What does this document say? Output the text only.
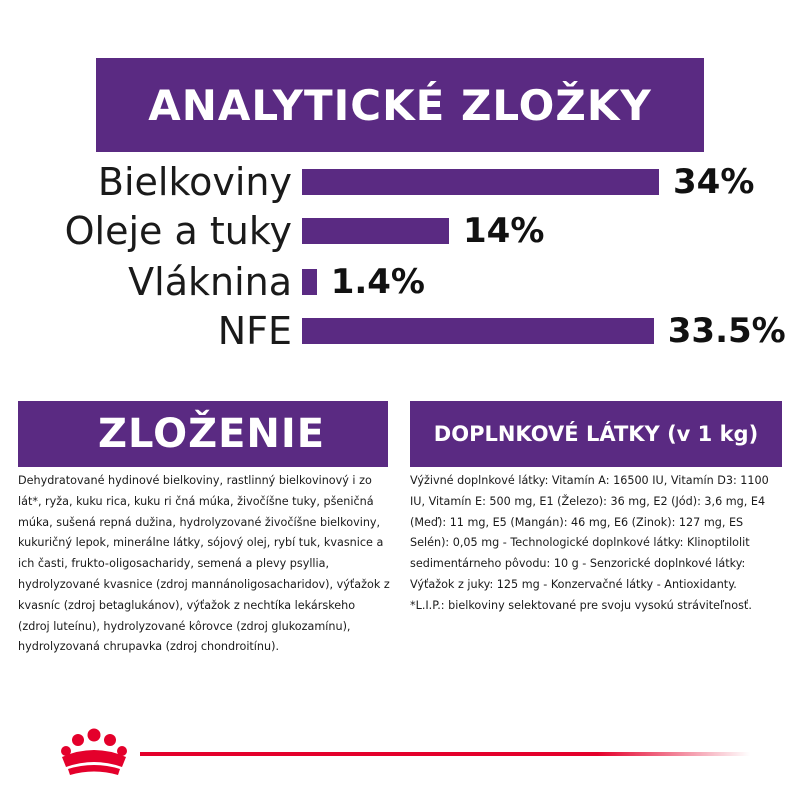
ANALYTICKÉ ZLOŽKY
Bielkoviny	34%
Oleje a tuky	14%
Vláknina 1.4%
NFE	33.5%
ZLOŽENIE

Dehydratované hydinové bielkoviny, rastlinný bielkovinový i zo lát*, ryža, kuku rica, kuku ri čná múka, živočíšne tuky, pšeničná múka, sušená repná dužina, hydrolyzované živočíšne bielkoviny, kukuričný lepok, minerálne látky, sójový olej, rybí tuk, kvasnice a ich časti, frukto-oligosacharidy, semená a plevy psyllia, hydrolyzované kvasnice (zdroj mannánoligosacharidov), výťažok z kvasníc (zdroj betaglukánov), výťažok z nechtíka lekárskeho (zdroj luteínu), hydrolyzované kôrovce (zdroj glukozamínu), hydrolyzovaná chrupavka (zdroj chondroitínu).

DOPLNKOVÉ LÁTKY (v 1 kg)

Výživné doplnkové látky: Vitamín A: 16500 IU, Vitamín D3: 1100 IU, Vitamín E: 500 mg, E1 (Železo): 36 mg, E2 (Jód): 3,6 mg, E4 (Meď): 11 mg, E5 (Mangán): 46 mg, E6 (Zinok): 127 mg, ES Selén): 0,05 mg - Technologické doplnkové látky: Klinoptilolit sedimentárneho pôvodu: 10 g - Senzorické doplnkové látky: Výťažok z juky: 125 mg - Konzervačné látky - Antioxidanty.

*L.I.P.: bielkoviny selektované pre svoju vysokú stráviteľnosť.
